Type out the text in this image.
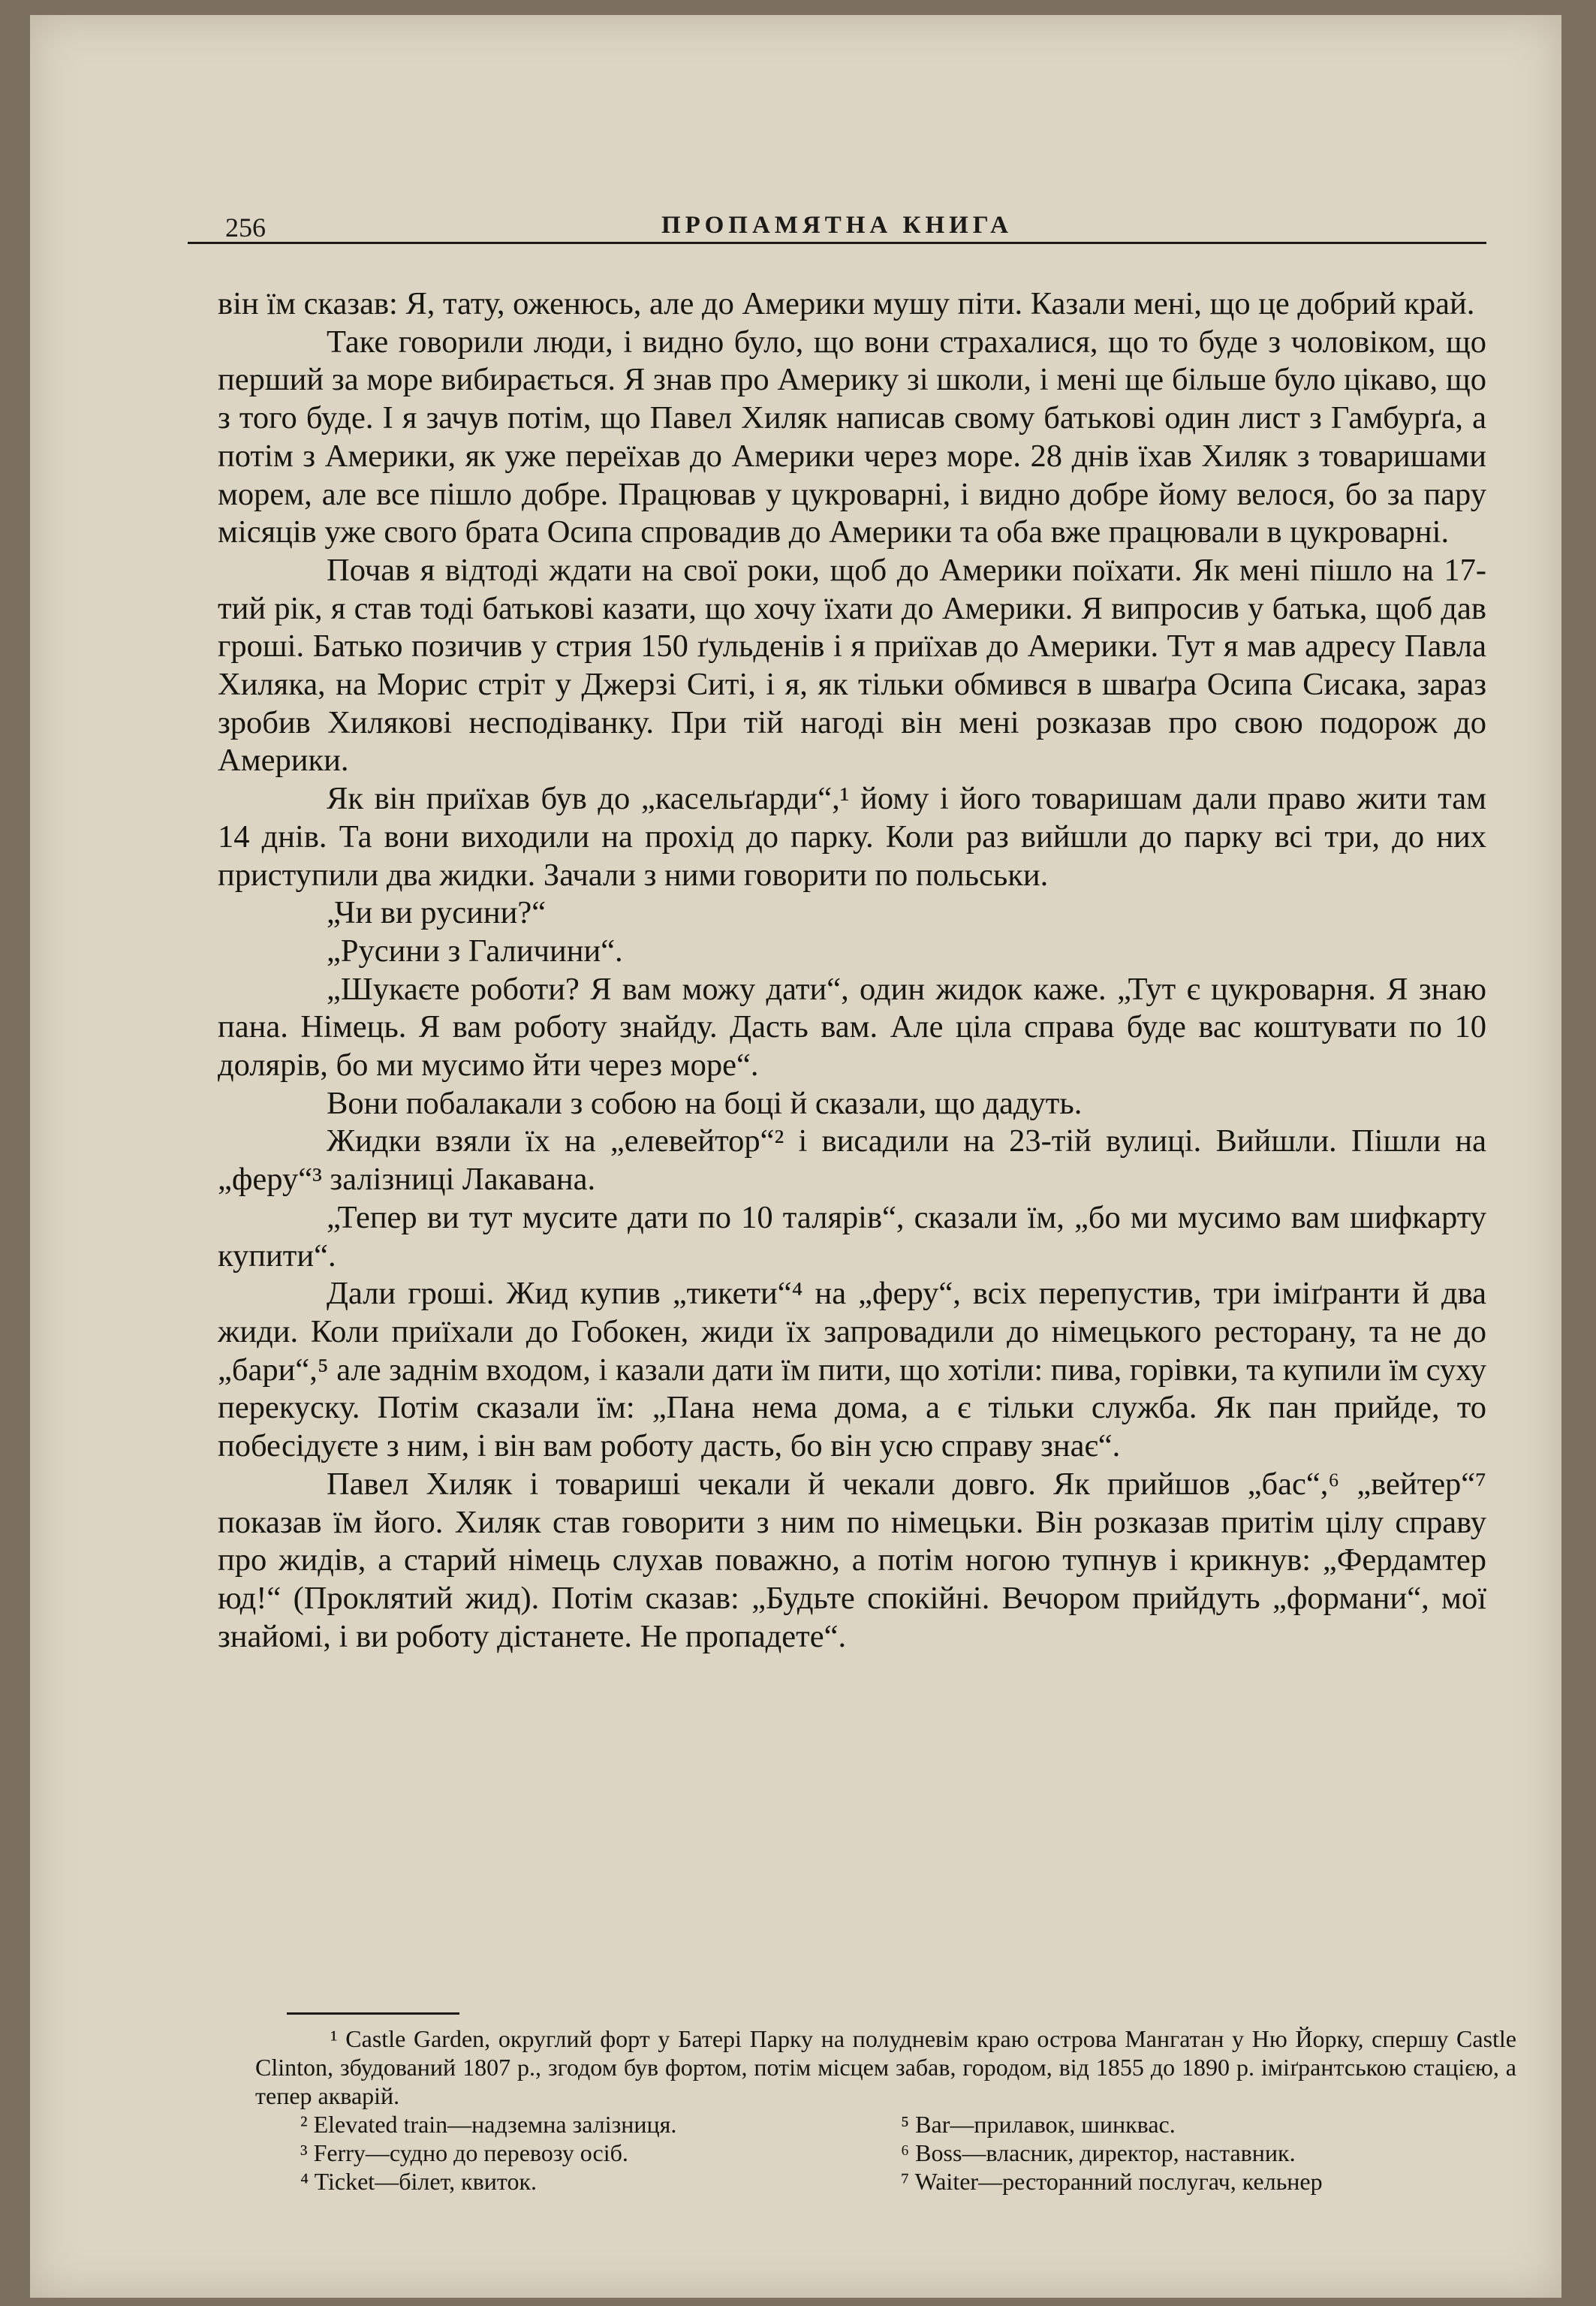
256	ПРОПАМЯТНА КНИГА

він їм сказав: Я, тату, оженюсь, але до Америки мушу піти. Казали мені, що це добрий край.

Таке говорили люди, і видно було, що вони страхалися, що то буде з чоловіком, що перший за море вибирається. Я знав про Америку зі школи, і мені ще більше було цікаво, що з того буде. І я зачув потім, що Павел Хиляк написав свому батькові один лист з Гамбурґа, а потім з Америки, як уже переїхав до Америки через море. 28 днів їхав Хиляк з товаришами морем, але все пішло добре. Працював у цукроварні, і видно добре йому велося, бо за пару місяців уже свого брата Осипа спровадив до Америки та оба вже працювали в цукроварні.

Почав я відтоді ждати на свої роки, щоб до Америки поїхати. Як мені пішло на 17-тий рік, я став тоді батькові казати, що хочу їхати до Америки. Я випросив у батька, щоб дав гроші. Батько позичив у стрия 150 ґульденів і я приїхав до Америки. Тут я мав адресу Павла Хиляка, на Морис стріт у Джерзі Ситі, і я, як тільки обмився в шваґра Осипа Сисака, зараз зробив Хилякові несподіванку. При тій нагоді він мені розказав про свою подорож до Америки.

Як він приїхав був до „касельґарди“,¹ йому і його товаришам дали право жити там 14 днів. Та вони виходили на прохід до парку. Коли раз вийшли до парку всі три, до них приступили два жидки. Зачали з ними говорити по польськи.

„Чи ви русини?“

„Русини з Галичини“.

„Шукаєте роботи? Я вам можу дати“, один жидок каже. „Тут є цукроварня. Я знаю пана. Німець. Я вам роботу знайду. Дасть вам. Але ціла справа буде вас коштувати по 10 долярів, бо ми мусимо йти через море“.

Вони побалакали з собою на боці й сказали, що дадуть.

Жидки взяли їх на „елевейтор“² і висадили на 23-тій вулиці. Вийшли. Пішли на „феру“³ залізниці Лакавана.

„Тепер ви тут мусите дати по 10 талярів“, сказали їм, „бо ми мусимо вам шифкарту купити“.

Дали гроші. Жид купив „тикети“⁴ на „феру“, всіх перепустив, три іміґранти й два жиди. Коли приїхали до Гобокен, жиди їх запровадили до німецького ресторану, та не до „бари“,⁵ але заднім входом, і казали дати їм пити, що хотіли: пива, горівки, та купили їм суху перекуску. Потім сказали їм: „Пана нема дома, а є тільки служба. Як пан прийде, то побесідуєте з ним, і він вам роботу дасть, бо він усю справу знає“.

Павел Хиляк і товариші чекали й чекали довго. Як прийшов „бас“,⁶ „вейтер“⁷ показав їм його. Хиляк став говорити з ним по німецьки. Він розказав притім цілу справу про жидів, а старий німець слухав поважно, а потім ногою тупнув і крикнув: „Фердамтер юд!“ (Проклятий жид). Потім сказав: „Будьте спокійні. Вечором прийдуть „формани“, мої знайомі, і ви роботу дістанете. Не пропадете“.

¹ Castle Garden, округлий форт у Батері Парку на полудневім краю острова Мангатан у Ню Йорку, спершу Castle Clinton, збудований 1807 р., згодом був фортом, потім місцем забав, городом, від 1855 до 1890 р. іміґрантською стацією, а тепер акварій.
² Elevated train—надземна залізниця.
³ Ferry—судно до перевозу осіб.
⁴ Ticket—білет, квиток.
⁵ Bar—прилавок, шинквас.
⁶ Boss—власник, директор, наставник.
⁷ Waiter—ресторанний послугач, кельнер
